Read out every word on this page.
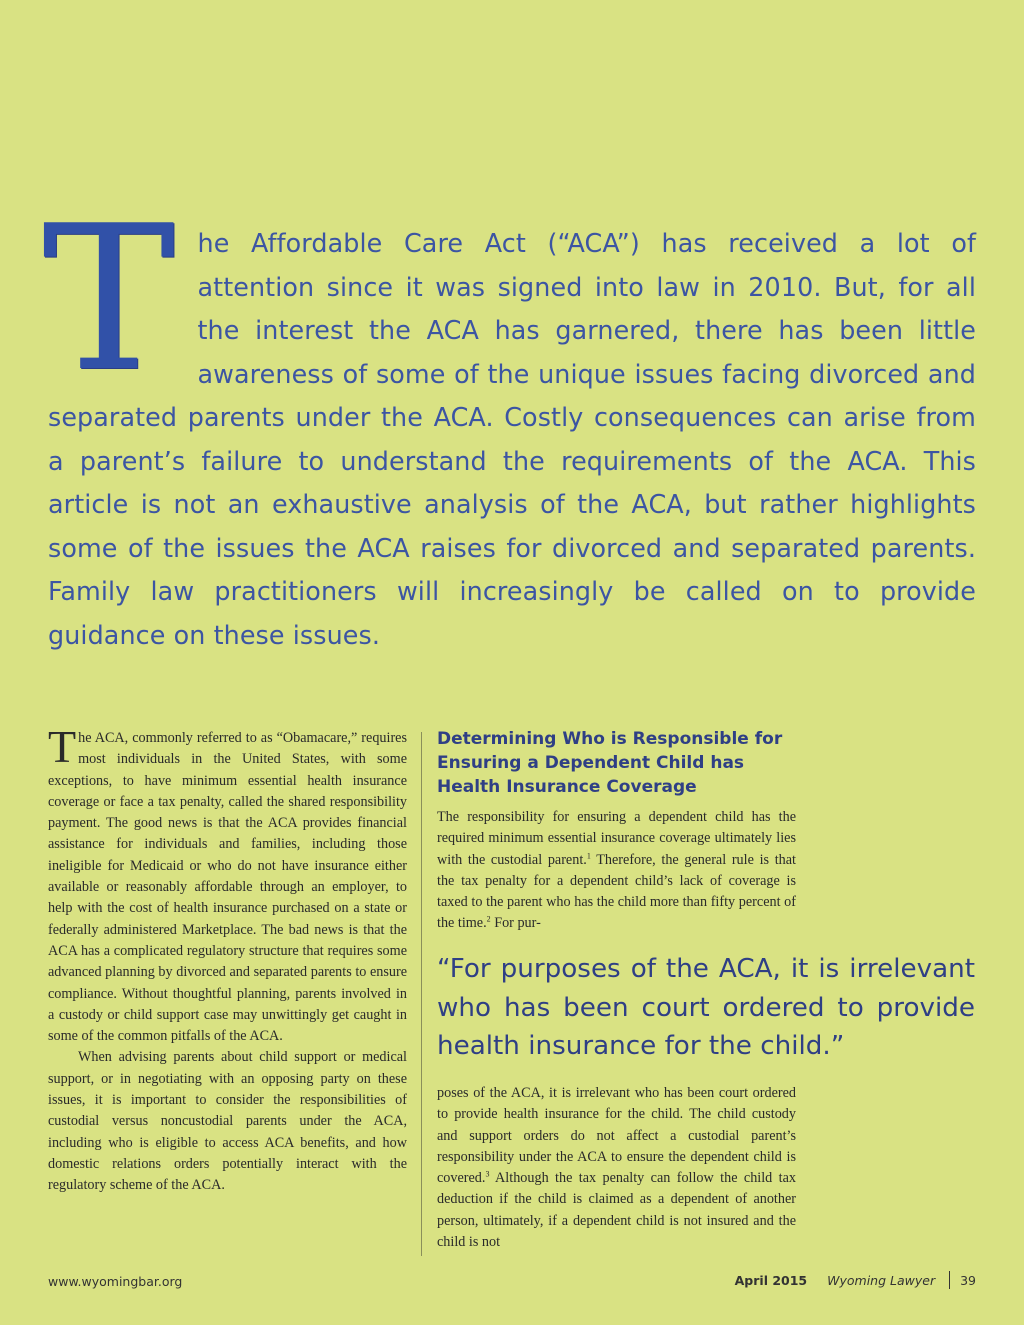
The Affordable Care Act (“ACA”) has received a lot of attention since it was signed into law in 2010. But, for all the interest the ACA has garnered, there has been little awareness of some of the unique issues facing divorced and separated parents under the ACA. Costly consequences can arise from a parent’s failure to understand the requirements of the ACA. This article is not an exhaustive analysis of the ACA, but rather highlights some of the issues the ACA raises for divorced and separated parents. Family law practitioners will increasingly be called on to provide guidance on these issues.

The ACA, commonly referred to as “Obamacare,” requires most individuals in the United States, with some exceptions, to have minimum essential health insurance coverage or face a tax penalty, called the shared responsibility payment. The good news is that the ACA provides financial assistance for individuals and families, including those ineligible for Medicaid or who do not have insurance either available or reasonably affordable through an employer, to help with the cost of health insurance purchased on a state or federally administered Marketplace. The bad news is that the ACA has a complicated regulatory structure that requires some advanced planning by divorced and separated parents to ensure compliance. Without thoughtful planning, parents involved in a custody or child support case may unwittingly get caught in some of the common pitfalls of the ACA.

When advising parents about child support or medical support, or in negotiating with an opposing party on these issues, it is important to consider the responsibilities of custodial versus noncustodial parents under the ACA, including who is eligible to access ACA benefits, and how domestic relations orders potentially interact with the regulatory scheme of the ACA.

Determining Who is Responsible for Ensuring a Dependent Child has Health Insurance Coverage
The responsibility for ensuring a dependent child has the required minimum essential insurance coverage ultimately lies with the custodial parent.$^1$ Therefore, the general rule is that the tax penalty for a dependent child’s lack of coverage is taxed to the parent who has the child more than fifty percent of the time.$^2$ For pur-
“For purposes of the ACA, it is irrelevant who has been court ordered to provide health insurance for the child.”
poses of the ACA, it is irrelevant who has been court ordered to provide health insurance for the child. The child custody and support orders do not affect a custodial parent’s responsibility under the ACA to ensure the dependent child is covered.$^3$ Although the tax penalty can follow the child tax deduction if the child is claimed as a dependent of another person, ultimately, if a dependent child is not insured and the child is not
www.wyomingbar.org	April 2015 Wyoming Lawyer 39
